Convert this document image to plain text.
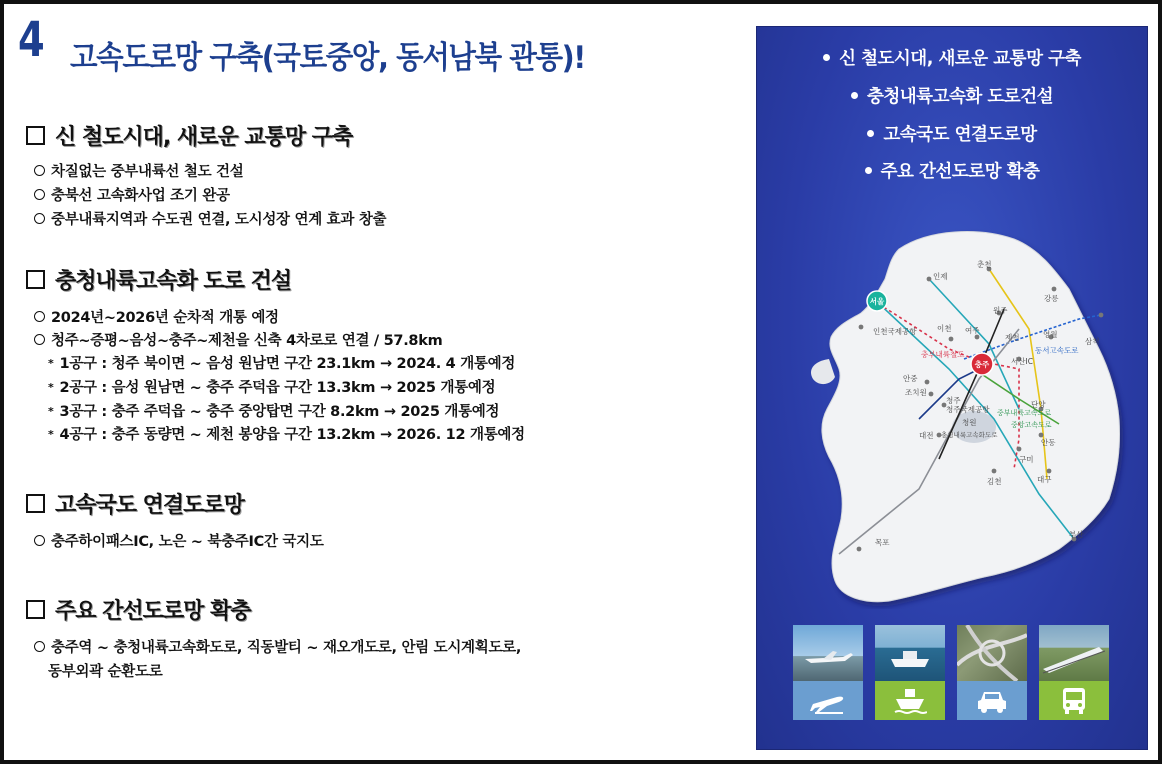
4 고속도로망 구축(국토중앙, 동서남북 관통)!
신 철도시대, 새로운 교통망 구축
차질없는 중부내륙선 철도 건설
충북선 고속화사업 조기 완공
중부내륙지역과 수도권 연결, 도시성장 연계 효과 창출
충청내륙고속화 도로 건설
2024년~2026년 순차적 개통 예정
청주~증평~음성~충주~제천을 신축 4차로로 연결 / 57.8km
* 1공구 : 청주 북이면 ~ 음성 원남면 구간 23.1km → 2024. 4 개통예정
* 2공구 : 음성 원남면 ~ 충주 주덕읍 구간 13.3km → 2025 개통예정
* 3공구 : 충주 주덕읍 ~ 충주 중앙탑면 구간 8.2km → 2025 개통예정
* 4공구 : 충주 동량면 ~ 제천 봉양읍 구간 13.2km → 2026. 12 개통예정
고속국도 연결도로망
충주하이패스IC, 노은 ~ 북충주IC간 국지도
주요 간선도로망 확충
충주역 ~ 충청내륙고속화도로, 직동발티 ~ 재오개도로, 안림 도시계획도로,
동부외곽 순환도로
신 철도시대, 새로운 교통망 구축
충청내륙고속화 도로건설
고속국도 연결도로망
주요 간선도로망 확충
인제
춘천
강릉
이천 여주
원주
제천	영월
삼척
서산IC
동서고속도로
충부내륙철도
안중
조치원
청주
청주국제공항
대전
청원
충청내륙고속화도로
단양
중부내륙고속도로
중앙고속도로
안동
구미
김천	대구
부산
목포
인천국제공항
서울
충주
